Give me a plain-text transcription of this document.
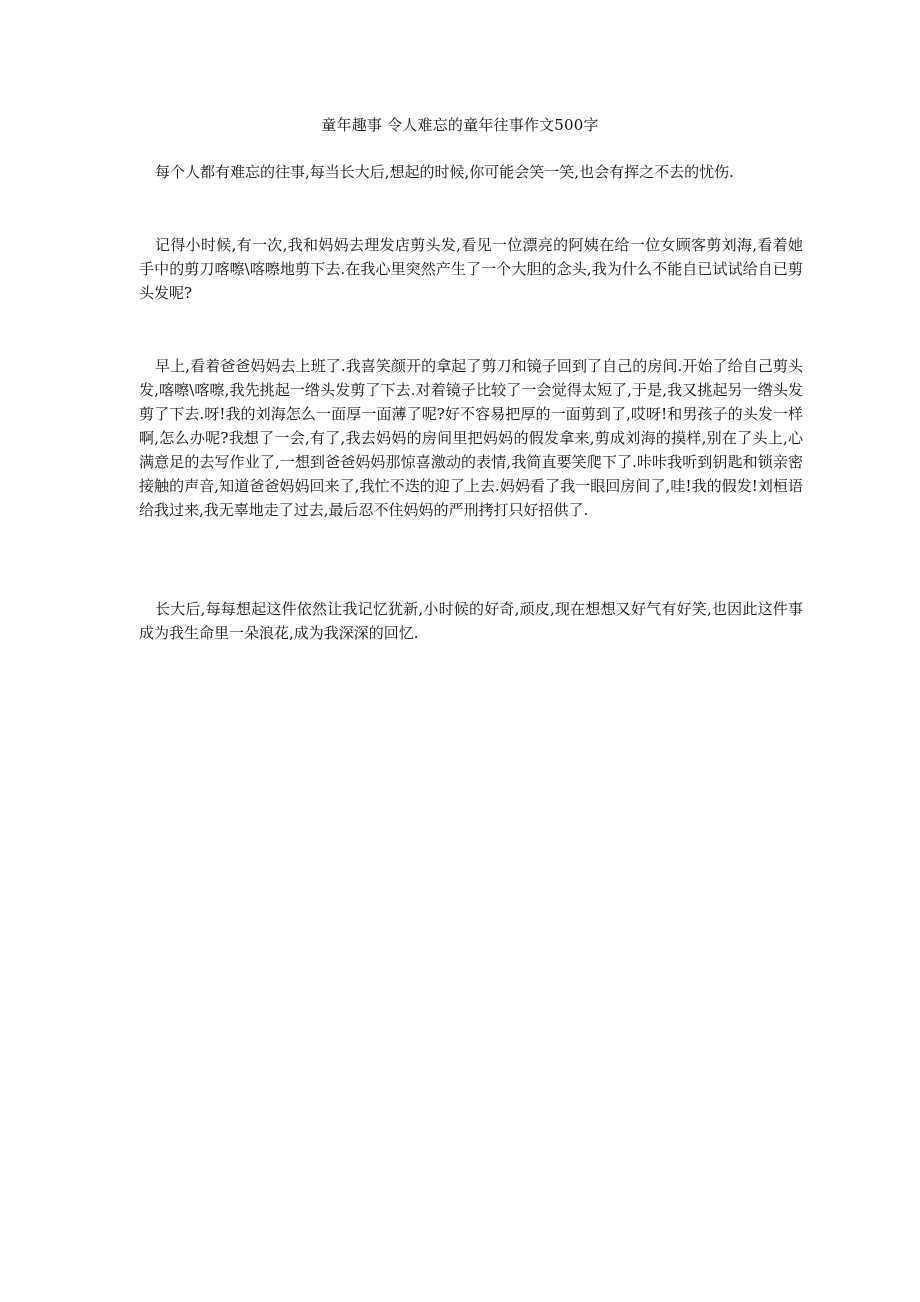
童年趣事 令人难忘的童年往事作文500字

每个人都有难忘的往事,每当长大后,想起的时候,你可能会笑一笑,也会有挥之不去的忧伤.

记得小时候,有一次,我和妈妈去理发店剪头发,看见一位漂亮的阿姨在给一位女顾客剪刘海,看着她手中的剪刀喀嚓\喀嚓地剪下去.在我心里突然产生了一个大胆的念头,我为什么不能自已试试给自已剪头发呢?

早上,看着爸爸妈妈去上班了.我喜笑颜开的拿起了剪刀和镜子回到了自己的房间.开始了给自己剪头发,喀嚓\喀嚓,我先挑起一绺头发剪了下去.对着镜子比较了一会觉得太短了,于是,我又挑起另一绺头发剪了下去.呀!我的刘海怎么一面厚一面薄了呢?好不容易把厚的一面剪到了,哎呀!和男孩子的头发一样啊,怎么办呢?我想了一会,有了,我去妈妈的房间里把妈妈的假发拿来,剪成刘海的摸样,别在了头上,心满意足的去写作业了,一想到爸爸妈妈那惊喜激动的表情,我简直要笑爬下了.咔咔我听到钥匙和锁亲密接触的声音,知道爸爸妈妈回来了,我忙不迭的迎了上去.妈妈看了我一眼回房间了,哇!我的假发!刘桓语给我过来,我无辜地走了过去,最后忍不住妈妈的严刑拷打只好招供了.

长大后,每每想起这件依然让我记忆犹新,小时候的好奇,顽皮,现在想想又好气有好笑,也因此这件事成为我生命里一朵浪花,成为我深深的回忆.
